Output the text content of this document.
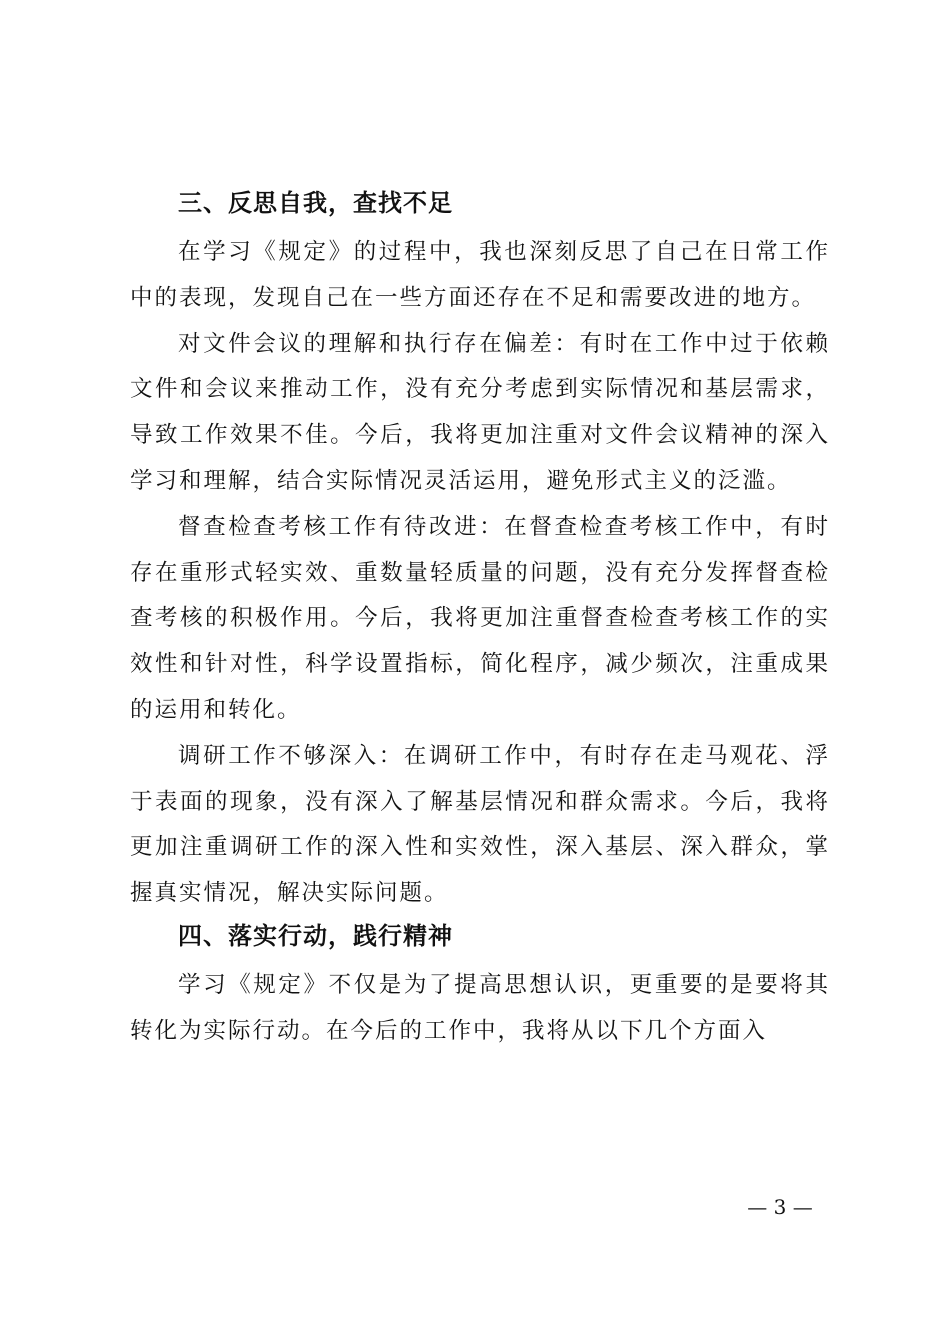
三、反思自我，查找不足

在学习《规定》的过程中，我也深刻反思了自己在日常工作中的表现，发现自己在一些方面还存在不足和需要改进的地方。

对文件会议的理解和执行存在偏差：有时在工作中过于依赖文件和会议来推动工作，没有充分考虑到实际情况和基层需求，导致工作效果不佳。今后，我将更加注重对文件会议精神的深入学习和理解，结合实际情况灵活运用，避免形式主义的泛滥。

督查检查考核工作有待改进：在督查检查考核工作中，有时存在重形式轻实效、重数量轻质量的问题，没有充分发挥督查检查考核的积极作用。今后，我将更加注重督查检查考核工作的实效性和针对性，科学设置指标，简化程序，减少频次，注重成果的运用和转化。

调研工作不够深入：在调研工作中，有时存在走马观花、浮于表面的现象，没有深入了解基层情况和群众需求。今后，我将更加注重调研工作的深入性和实效性，深入基层、深入群众，掌握真实情况，解决实际问题。

四、落实行动，践行精神

学习《规定》不仅是为了提高思想认识，更重要的是要将其转化为实际行动。在今后的工作中，我将从以下几个方面入

— 3 —
